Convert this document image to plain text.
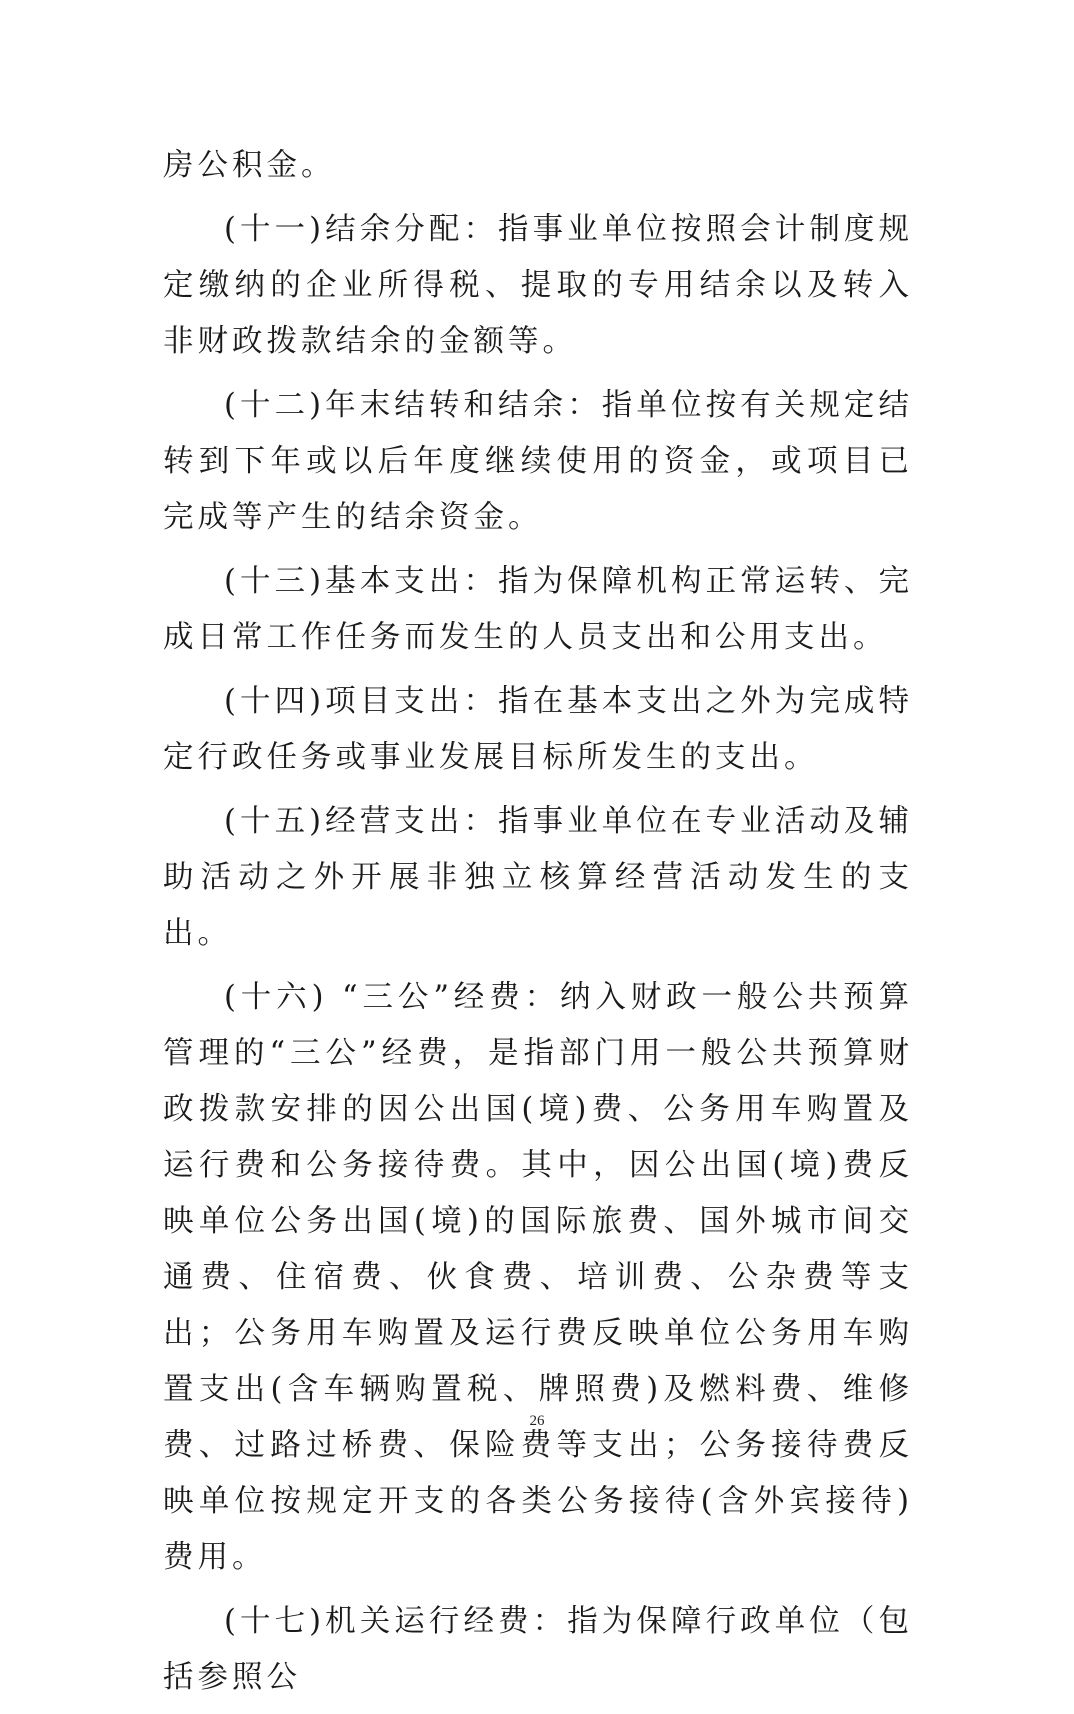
房公积金。

(十一)结余分配：指事业单位按照会计制度规定缴纳的企业所得税、提取的专用结余以及转入非财政拨款结余的金额等。

(十二)年末结转和结余：指单位按有关规定结转到下年或以后年度继续使用的资金，或项目已完成等产生的结余资金。

(十三)基本支出：指为保障机构正常运转、完成日常工作任务而发生的人员支出和公用支出。

(十四)项目支出：指在基本支出之外为完成特定行政任务或事业发展目标所发生的支出。

(十五)经营支出：指事业单位在专业活动及辅助活动之外开展非独立核算经营活动发生的支出。

(十六) “三公”经费：纳入财政一般公共预算管理的“三公”经费，是指部门用一般公共预算财政拨款安排的因公出国(境)费、公务用车购置及运行费和公务接待费。其中，因公出国(境)费反映单位公务出国(境)的国际旅费、国外城市间交通费、住宿费、伙食费、培训费、公杂费等支出；公务用车购置及运行费反映单位公务用车购置支出(含车辆购置税、牌照费)及燃料费、维修费、过路过桥费、保险费等支出；公务接待费反映单位按规定开支的各类公务接待(含外宾接待)费用。

(十七)机关运行经费：指为保障行政单位（包括参照公

26
